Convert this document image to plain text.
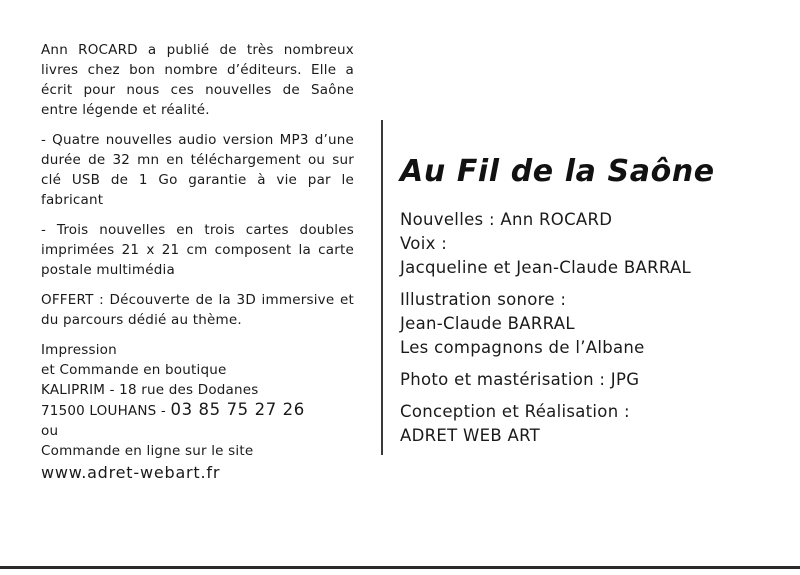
Ann ROCARD a publié de très nombreux livres chez bon nombre d’éditeurs. Elle a écrit pour nous ces nouvelles de Saône entre légende et réalité.

- Quatre nouvelles audio version MP3 d’une durée de 32 mn en téléchargement ou sur clé USB de 1 Go garantie à vie par le fabricant

- Trois nouvelles en trois cartes doubles imprimées 21 x 21 cm composent la carte postale multimédia

OFFERT : Découverte de la 3D immersive et du parcours dédié au thème.

Impression
et Commande en boutique
KALIPRIM - 18 rue des Dodanes
71500 LOUHANS - 03 85 75 27 26
ou
Commande en ligne sur le site
www.adret-webart.fr
Au Fil de la Saône
Nouvelles : Ann ROCARD
Voix :
Jacqueline et Jean-Claude BARRAL
Illustration sonore :
Jean-Claude BARRAL
Les compagnons de l’Albane
Photo et mastérisation : JPG
Conception et Réalisation :
ADRET WEB ART
